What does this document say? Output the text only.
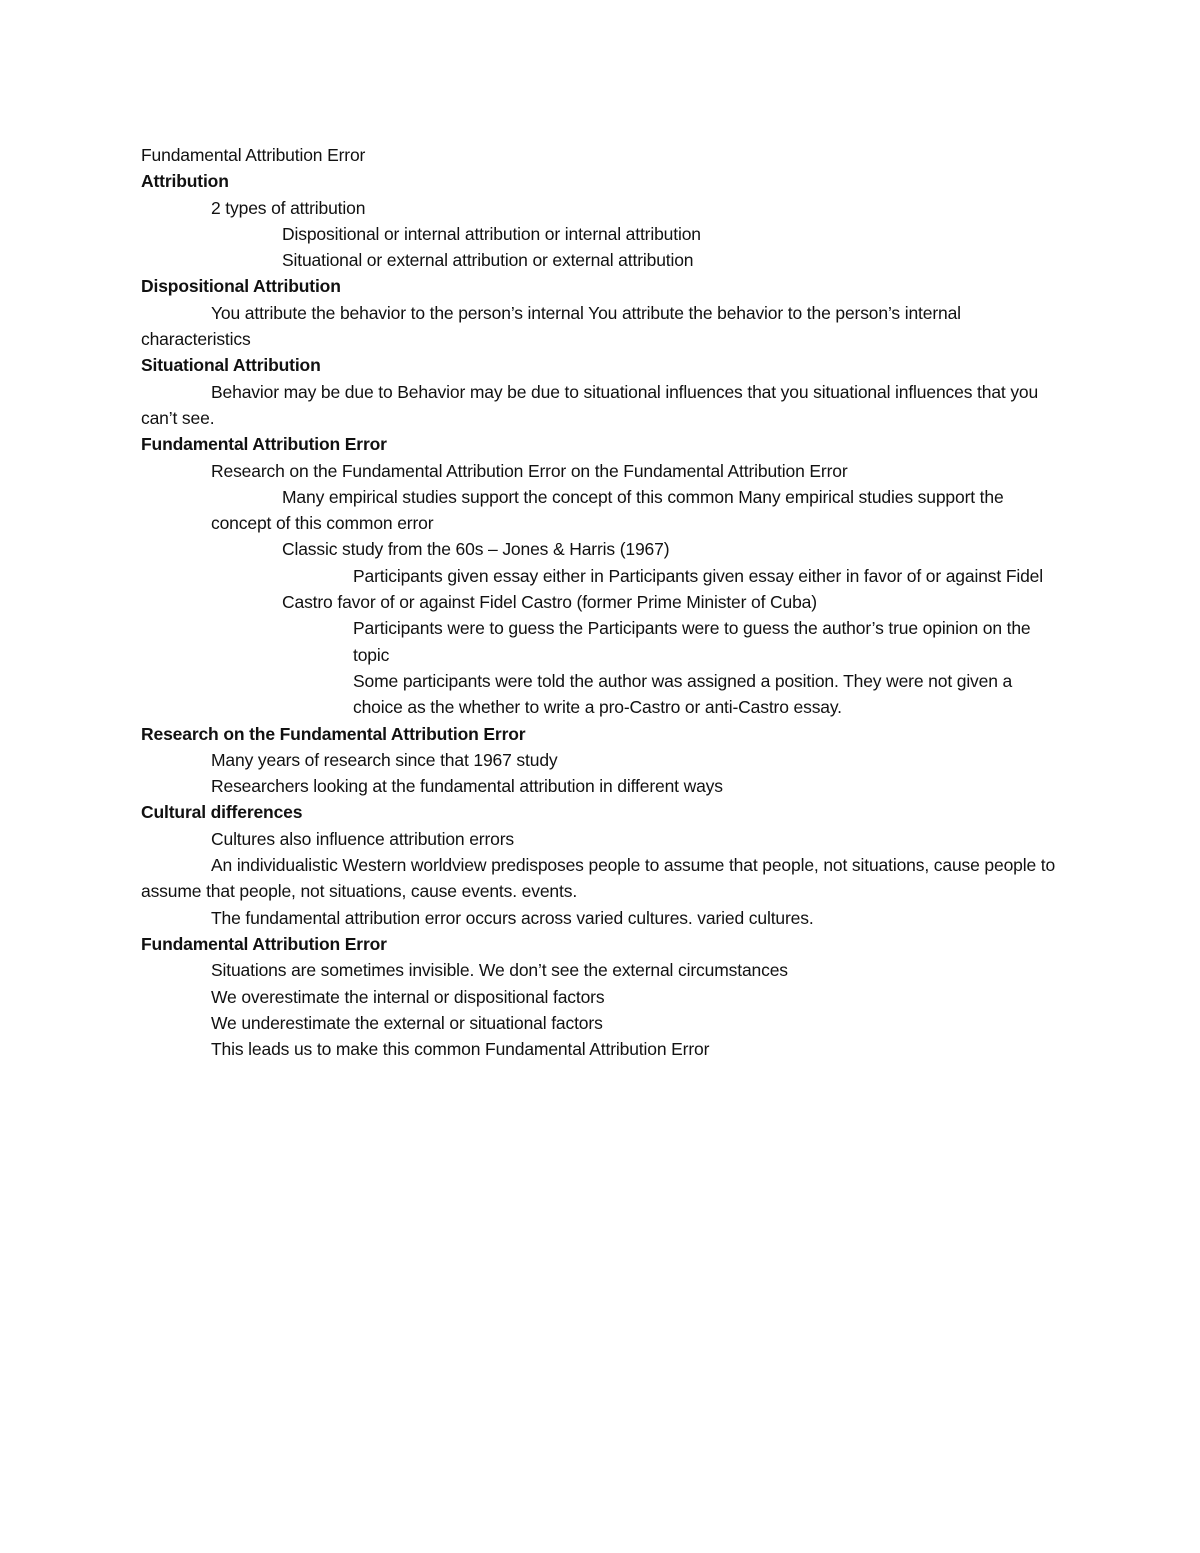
Fundamental Attribution Error

Attribution

2 types of attribution

Dispositional or internal attribution or internal attribution

Situational or external attribution or external attribution

Dispositional Attribution

You attribute the behavior to the person’s internal You attribute the behavior to the person’s internal characteristics

Situational Attribution

Behavior may be due to Behavior may be due to situational influences that you situational influences that you can’t see.

Fundamental Attribution Error

Research on the Fundamental Attribution Error on the Fundamental Attribution Error

Many empirical studies support the concept of this common Many empirical studies support the concept of this common error

Classic study from the 60s – Jones & Harris (1967)

Participants given essay either in Participants given essay either in favor of or against Fidel Castro favor of or against Fidel Castro (former Prime Minister of Cuba)

Participants were to guess the Participants were to guess the author’s true opinion on the topic

Some participants were told the author was assigned a position. They were not given a choice as the whether to write a pro-Castro or anti-Castro essay.

Research on the Fundamental Attribution Error

Many years of research since that 1967 study

Researchers looking at the fundamental attribution in different ways

Cultural differences

Cultures also influence attribution errors

An individualistic Western worldview predisposes people to assume that people, not situations, cause people to assume that people, not situations, cause events. events.

The fundamental attribution error occurs across varied cultures. varied cultures.

Fundamental Attribution Error

Situations are sometimes invisible. We don’t see the external circumstances

We overestimate the internal or dispositional factors

We underestimate the external or situational factors

This leads us to make this common Fundamental Attribution Error
